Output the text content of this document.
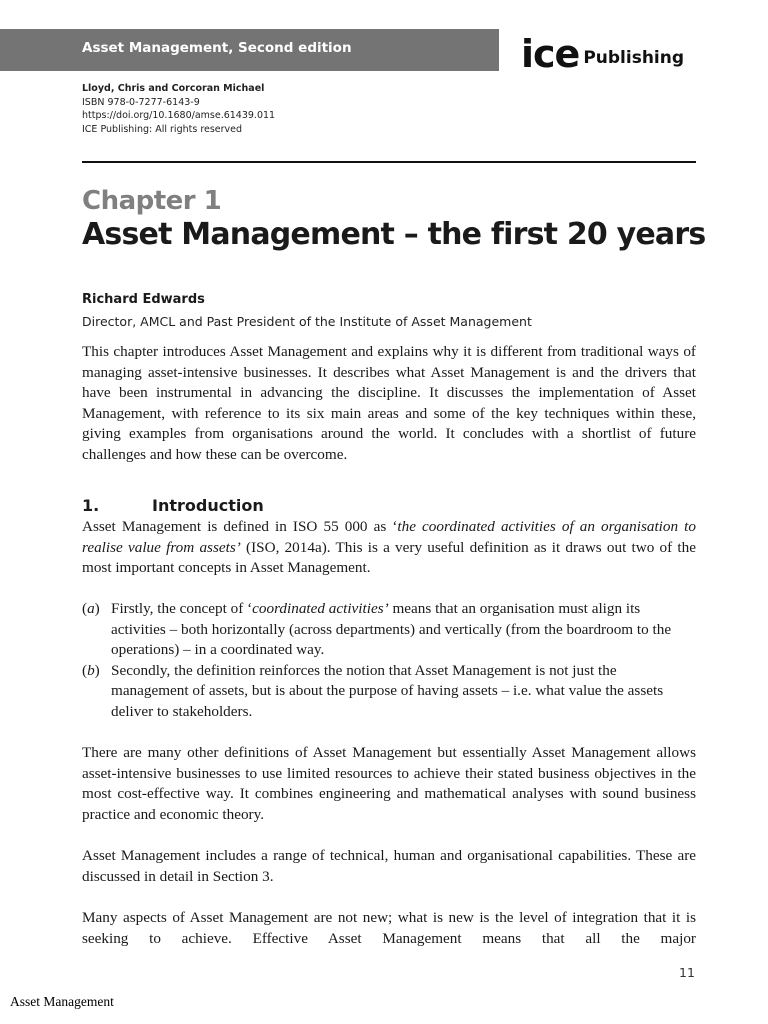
Asset Management, Second edition	ice Publishing
Lloyd, Chris and Corcoran Michael
ISBN 978-0-7277-6143-9
https://doi.org/10.1680/amse.61439.011
ICE Publishing: All rights reserved
Chapter 1
Asset Management – the first 20 years
Richard Edwards
Director, AMCL and Past President of the Institute of Asset Management

This chapter introduces Asset Management and explains why it is different from traditional ways of managing asset-intensive businesses. It describes what Asset Management is and the drivers that have been instrumental in advancing the discipline. It discusses the implementation of Asset Management, with reference to its six main areas and some of the key techniques within these, giving examples from organisations around the world. It concludes with a shortlist of future challenges and how these can be overcome.

1.	Introduction

Asset Management is defined in ISO 55 000 as ‘the coordinated activities of an organisation to realise value from assets’ (ISO, 2014a). This is a very useful definition as it draws out two of the most important concepts in Asset Management.

(a) Firstly, the concept of ‘coordinated activities’ means that an organisation must align its activities – both horizontally (across departments) and vertically (from the boardroom to the operations) – in a coordinated way.
(b) Secondly, the definition reinforces the notion that Asset Management is not just the management of assets, but is about the purpose of having assets – i.e. what value the assets deliver to stakeholders.

There are many other definitions of Asset Management but essentially Asset Management allows asset-intensive businesses to use limited resources to achieve their stated business objectives in the most cost-effective way. It combines engineering and mathematical analyses with sound business practice and economic theory.

Asset Management includes a range of technical, human and organisational capabilities. These are discussed in detail in Section 3.

Many aspects of Asset Management are not new; what is new is the level of integration that it is seeking to achieve. Effective Asset Management means that all the major

11
Asset Management
